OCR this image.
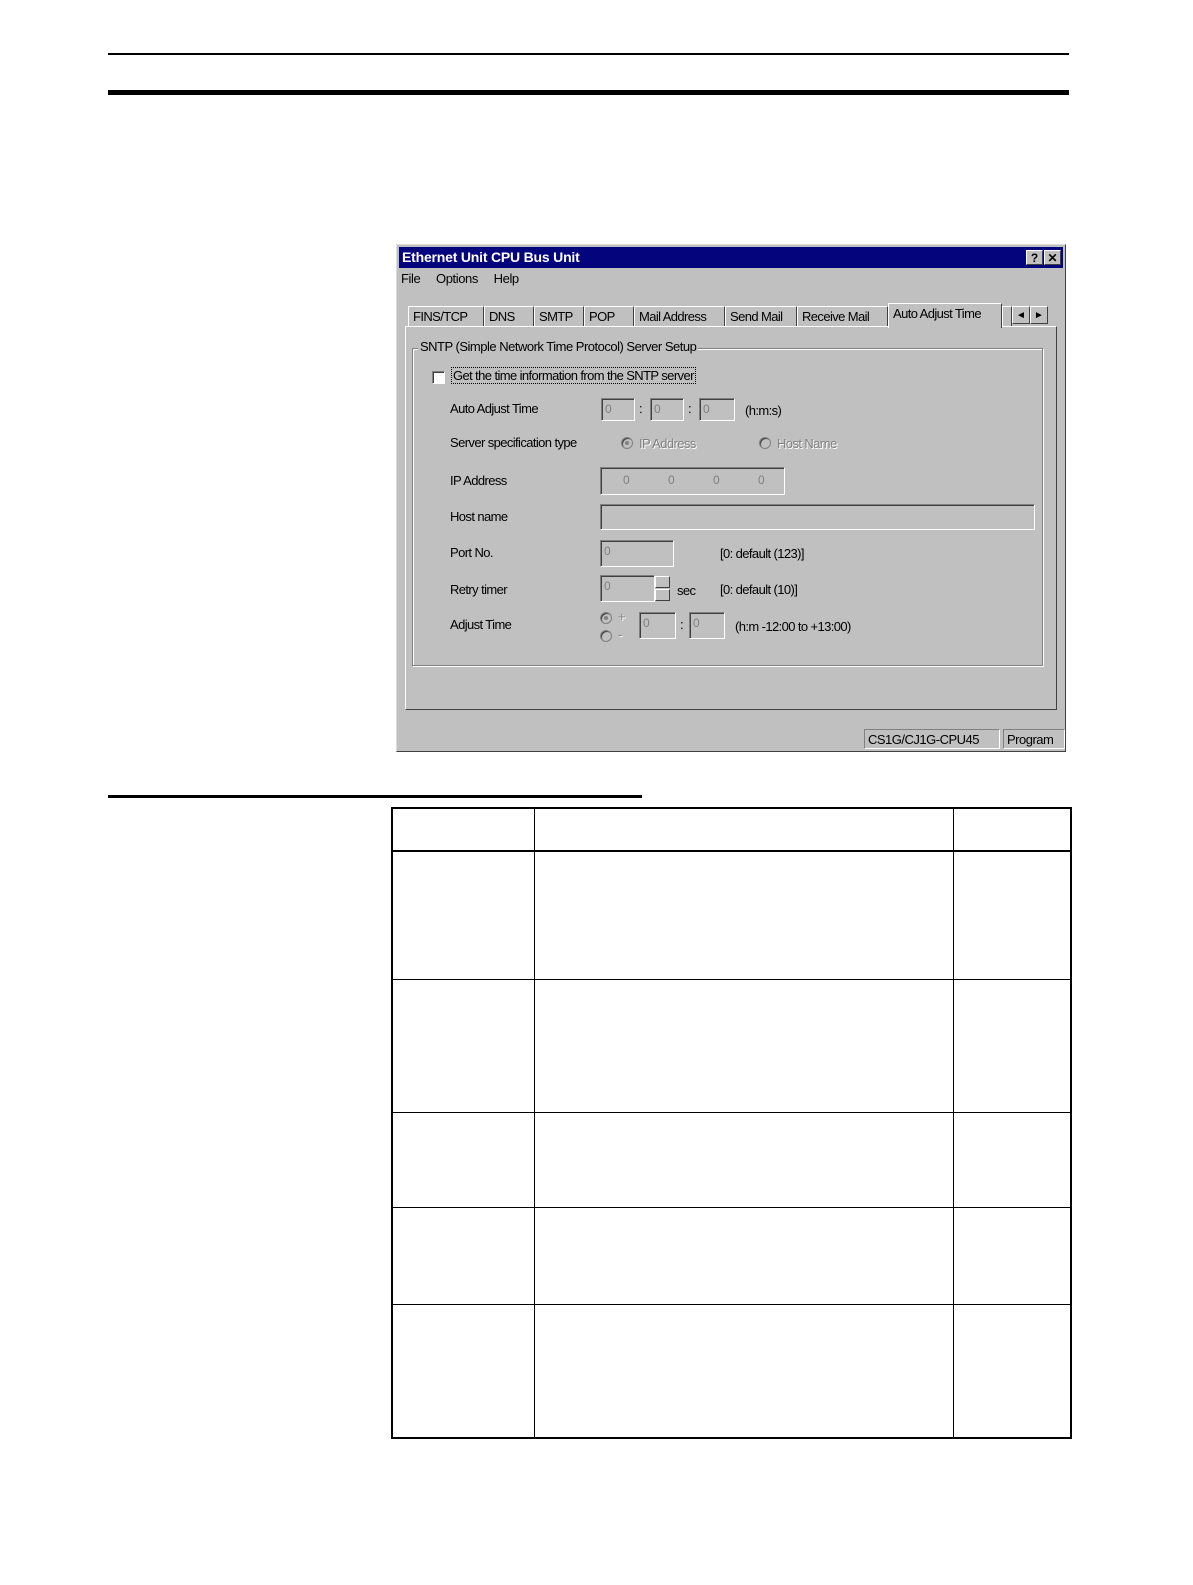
Ethernet Unit CPU Bus Unit	? ✕
File Options Help
FINS/TCP	DNS	SMTP	POP	Mail Address	Send Mail	Receive Mail	Auto Adjust Time	◄ ►
SNTP (Simple Network Time Protocol) Server Setup
Get the time information from the SNTP server
Auto Adjust Time	0	: 0	: 0	(h:m:s)
Server specification type	IP Address	Host Name
IP Address	0	0	0	0
Host name
Port No.	0	[0: default (123)]
Retry timer	0	sec [0: default (10)]
Adjust Time
+
-
0	: 0	(h:m -12:00 to +13:00)
CS1G/CJ1G-CPU45	Program
